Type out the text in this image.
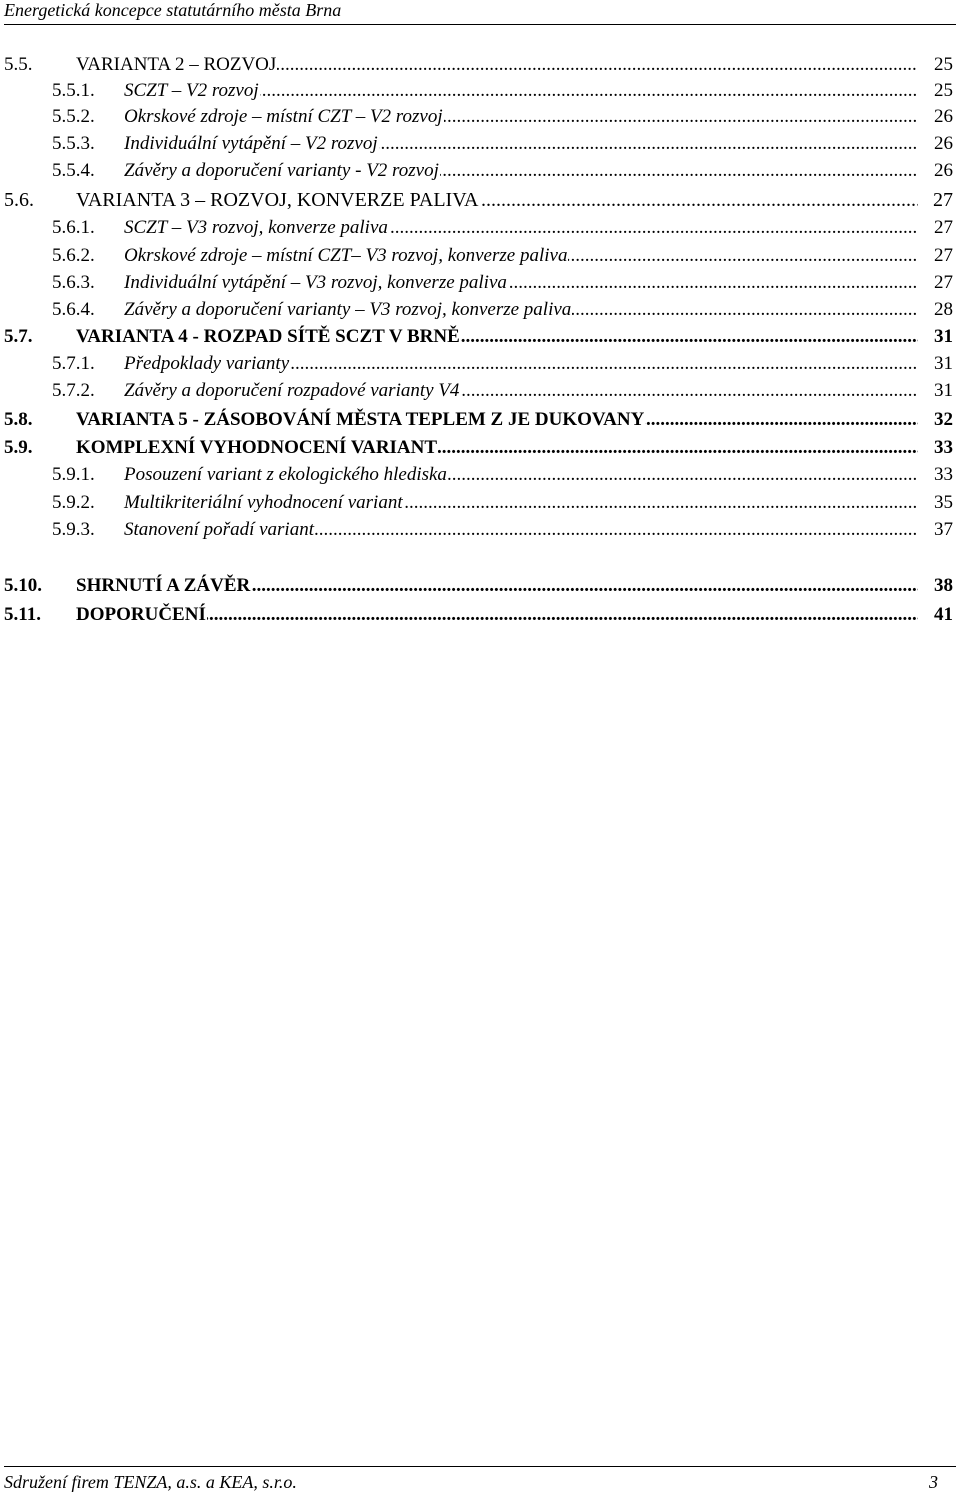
Energetická koncepce statutárního města Brna
5.5. ..... VARIANTA 2 – ROZVOJ	25
5.5.1. ..... SCZT – V2 rozvoj	25
5.5.2. ..... Okrskové zdroje – místní CZT – V2 rozvoj	26
5.5.3. ..... Individuální vytápění – V2 rozvoj	26
5.5.4. ..... Závěry a doporučení varianty - V2 rozvoj	26
5.6. ..... VARIANTA 3 – ROZVOJ, KONVERZE PALIVA	27
5.6.1. ..... SCZT – V3 rozvoj, konverze paliva	27
5.6.2. ..... Okrskové zdroje – místní CZT– V3 rozvoj, konverze paliva	27
5.6.3. ..... Individuální vytápění – V3 rozvoj, konverze paliva	27
5.6.4. ..... Závěry a doporučení varianty – V3 rozvoj, konverze paliva	28
5.7. ..... VARIANTA 4 - ROZPAD SÍTĚ SCZT V BRNĚ	31
5.7.1. ..... Předpoklady varianty	31
5.7.2. ..... Závěry a doporučení rozpadové varianty V4	31
5.8. ..... VARIANTA 5 - ZÁSOBOVÁNÍ MĚSTA TEPLEM Z JE DUKOVANY	32
5.9. ..... KOMPLEXNÍ VYHODNOCENÍ VARIANT	33
5.9.1. ..... Posouzení variant z ekologického hlediska	33
5.9.2. ..... Multikriteriální vyhodnocení variant	35
5.9.3. ..... Stanovení pořadí variant	37
5.10. ..... SHRNUTÍ A ZÁVĚR	38
5.11. ..... DOPORUČENÍ	41
Sdružení firem TENZA, a.s. a KEA, s.r.o.	3
